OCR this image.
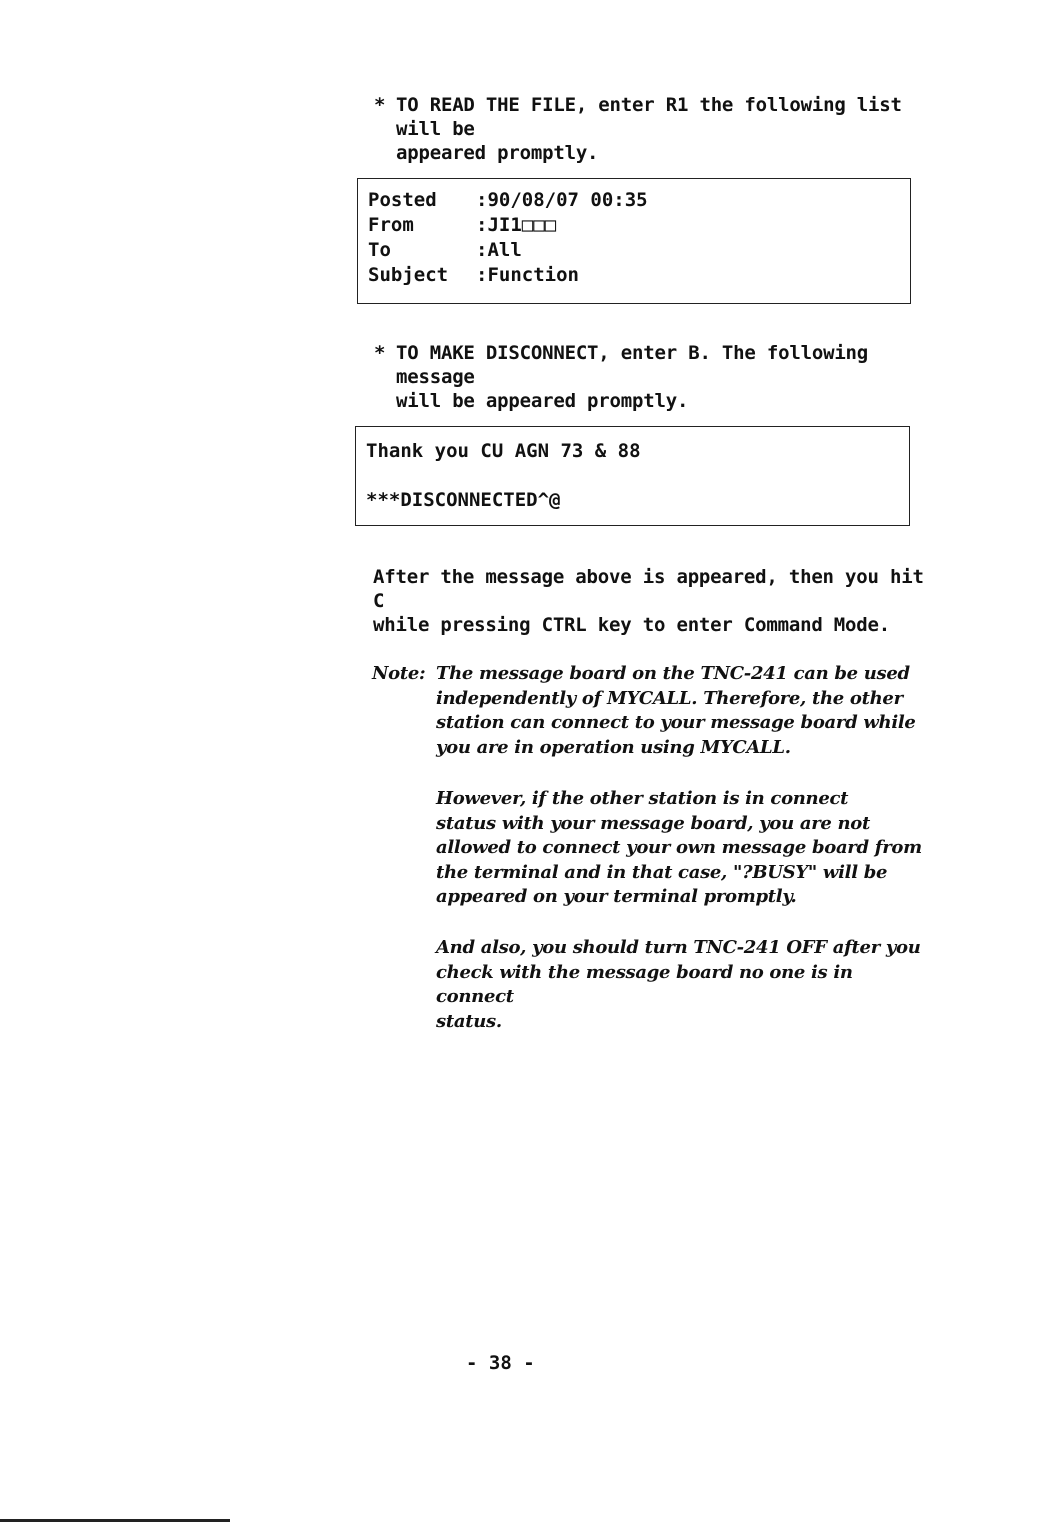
* TO READ THE FILE, enter R1 the following list will be
appeared promptly.
Posted :90/08/07 00:35
From	:JI1□□□
To	:All
Subject :Function
* TO MAKE DISCONNECT, enter B. The following message
will be appeared promptly.
Thank you CU AGN 73 & 88
***DISCONNECTED^@
After the message above is appeared, then you hit C
while pressing CTRL key to enter Command Mode.
Note: The message board on the TNC-241 can be used
independently of MYCALL. Therefore, the other
station can connect to your message board while
you are in operation using MYCALL.
However, if the other station is in connect
status with your message board, you are not
allowed to connect your own message board from
the terminal and in that case, "?BUSY" will be
appeared on your terminal promptly.
And also, you should turn TNC-241 OFF after you
check with the message board no one is in connect
status.
- 38 -
